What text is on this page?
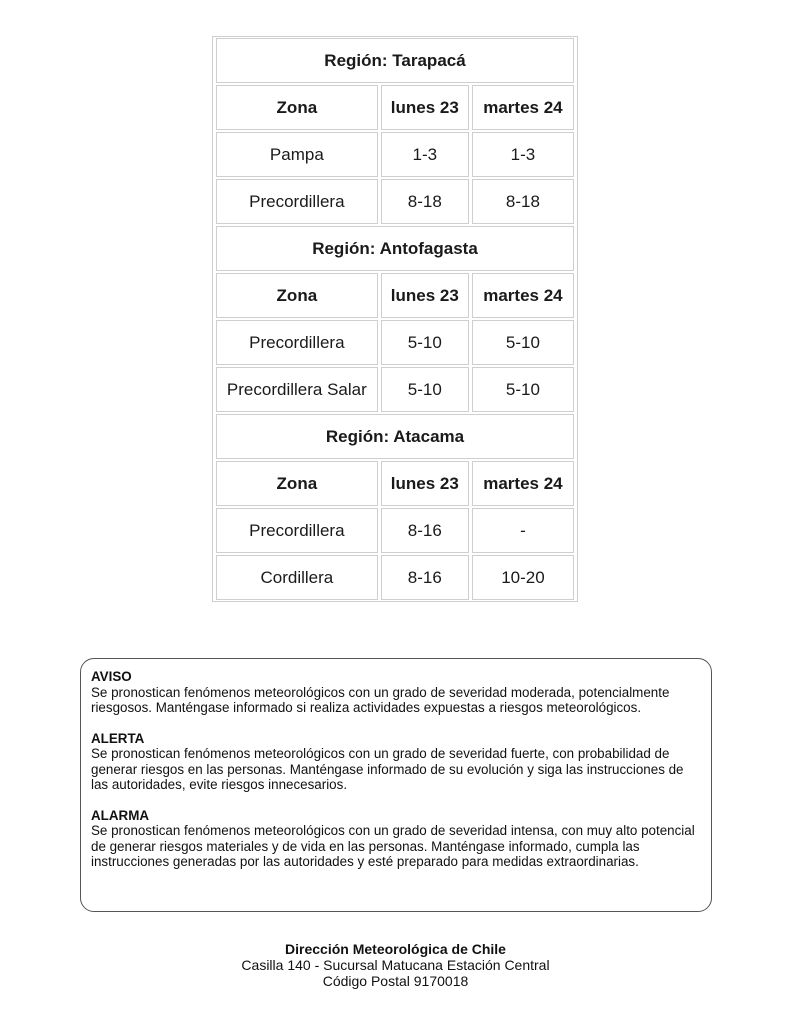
Región: Tarapacá		
Zona	lunes 23	martes 24
Pampa	1-3	1-3
Precordillera	8-18	8-18
Región: Antofagasta		
Zona	lunes 23	martes 24
Precordillera	5-10	5-10
Precordillera Salar	5-10	5-10
Región: Atacama		
Zona	lunes 23	martes 24
Precordillera	8-16	-
Cordillera	8-16	10-20
AVISO
Se pronostican fenómenos meteorológicos con un grado de severidad moderada, potencialmente riesgosos. Manténgase informado si realiza actividades expuestas a riesgos meteorológicos.
ALERTA
Se pronostican fenómenos meteorológicos con un grado de severidad fuerte, con probabilidad de generar riesgos en las personas. Manténgase informado de su evolución y siga las instrucciones de las autoridades, evite riesgos innecesarios.
ALARMA
Se pronostican fenómenos meteorológicos con un grado de severidad intensa, con muy alto potencial de generar riesgos materiales y de vida en las personas. Manténgase informado, cumpla las instrucciones generadas por las autoridades y esté preparado para medidas extraordinarias.
Dirección Meteorológica de Chile
Casilla 140 - Sucursal Matucana Estación Central
Código Postal 9170018
